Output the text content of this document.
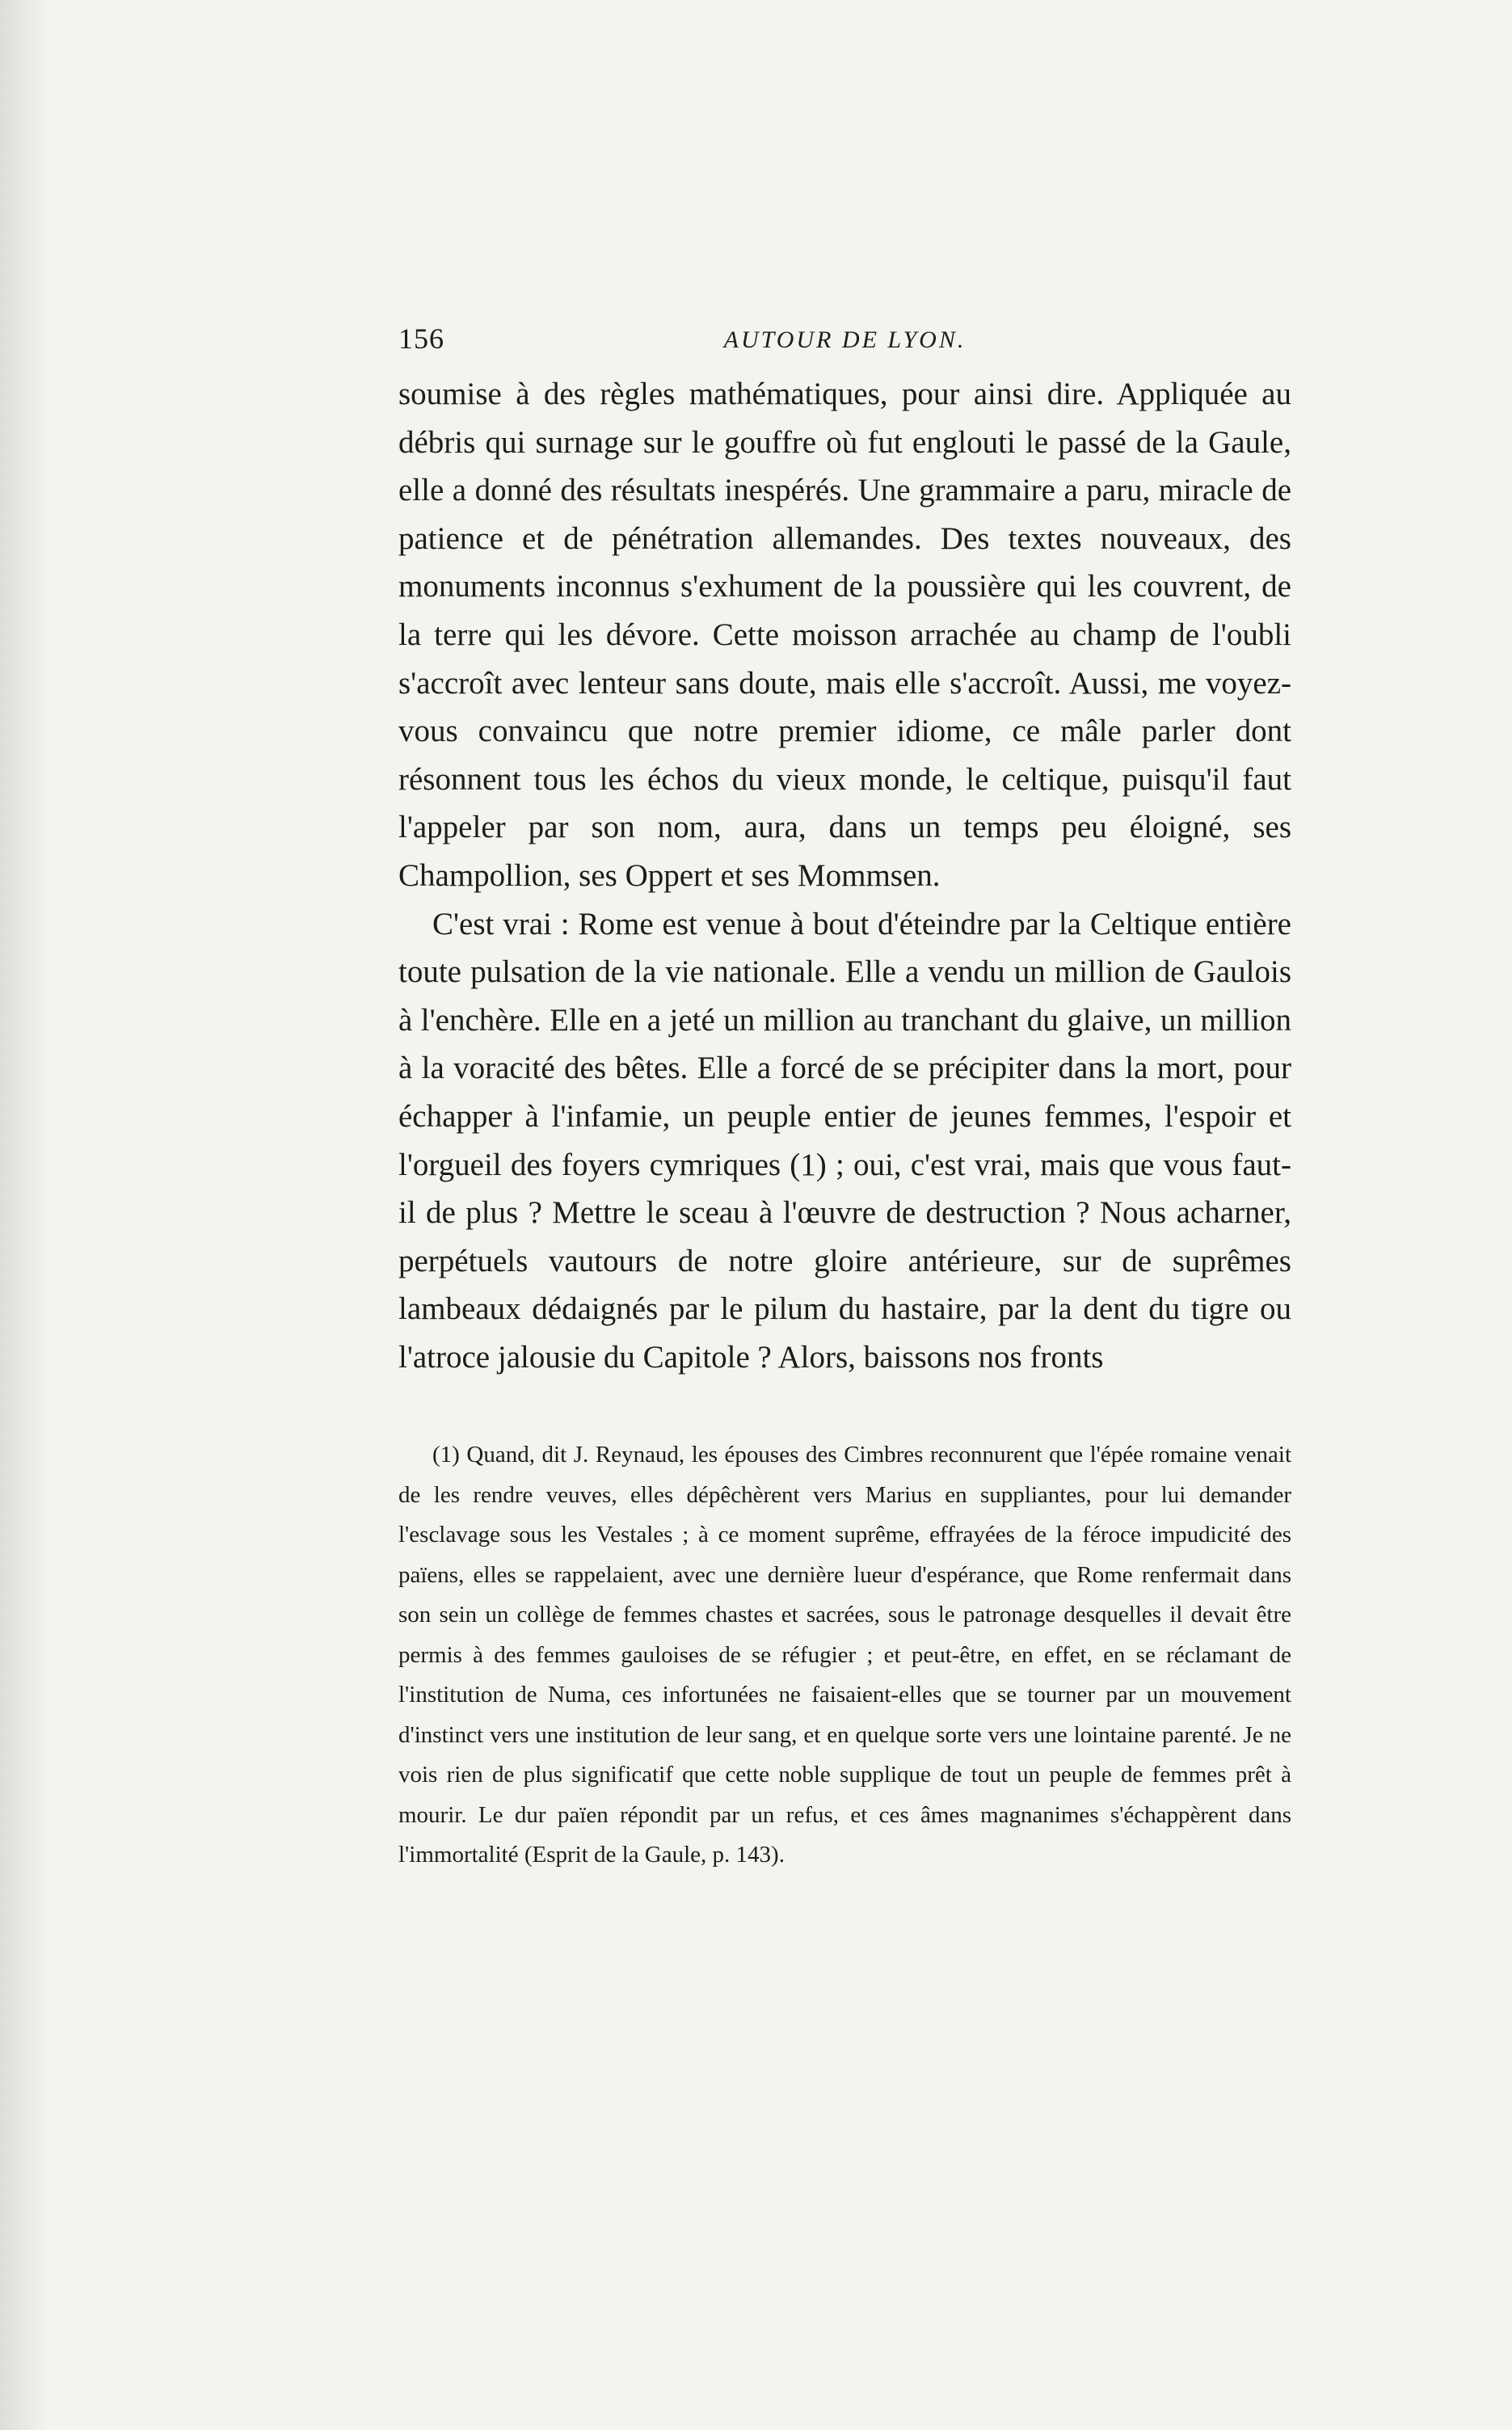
156	AUTOUR DE LYON.

soumise à des règles mathématiques, pour ainsi dire. Appliquée au débris qui surnage sur le gouffre où fut englouti le passé de la Gaule, elle a donné des résultats inespérés. Une grammaire a paru, miracle de patience et de pénétration allemandes. Des textes nouveaux, des monuments inconnus s'exhument de la poussière qui les couvrent, de la terre qui les dévore. Cette moisson arrachée au champ de l'oubli s'accroît avec lenteur sans doute, mais elle s'accroît. Aussi, me voyez-vous convaincu que notre premier idiome, ce mâle parler dont résonnent tous les échos du vieux monde, le celtique, puisqu'il faut l'appeler par son nom, aura, dans un temps peu éloigné, ses Champollion, ses Oppert et ses Mommsen.

C'est vrai : Rome est venue à bout d'éteindre par la Celtique entière toute pulsation de la vie nationale. Elle a vendu un million de Gaulois à l'enchère. Elle en a jeté un million au tranchant du glaive, un million à la voracité des bêtes. Elle a forcé de se précipiter dans la mort, pour échapper à l'infamie, un peuple entier de jeunes femmes, l'espoir et l'orgueil des foyers cymriques (1) ; oui, c'est vrai, mais que vous faut-il de plus ? Mettre le sceau à l'œuvre de destruction ? Nous acharner, perpétuels vautours de notre gloire antérieure, sur de suprêmes lambeaux dédaignés par le pilum du hastaire, par la dent du tigre ou l'atroce jalousie du Capitole ? Alors, baissons nos fronts

(1) Quand, dit J. Reynaud, les épouses des Cimbres reconnurent que l'épée romaine venait de les rendre veuves, elles dépêchèrent vers Marius en suppliantes, pour lui demander l'esclavage sous les Vestales ; à ce moment suprême, effrayées de la féroce impudicité des païens, elles se rappelaient, avec une dernière lueur d'espérance, que Rome renfermait dans son sein un collège de femmes chastes et sacrées, sous le patronage desquelles il devait être permis à des femmes gauloises de se réfugier ; et peut-être, en effet, en se réclamant de l'institution de Numa, ces infortunées ne faisaient-elles que se tourner par un mouvement d'instinct vers une institution de leur sang, et en quelque sorte vers une lointaine parenté. Je ne vois rien de plus significatif que cette noble supplique de tout un peuple de femmes prêt à mourir. Le dur païen répondit par un refus, et ces âmes magnanimes s'échappèrent dans l'immortalité (Esprit de la Gaule, p. 143).
